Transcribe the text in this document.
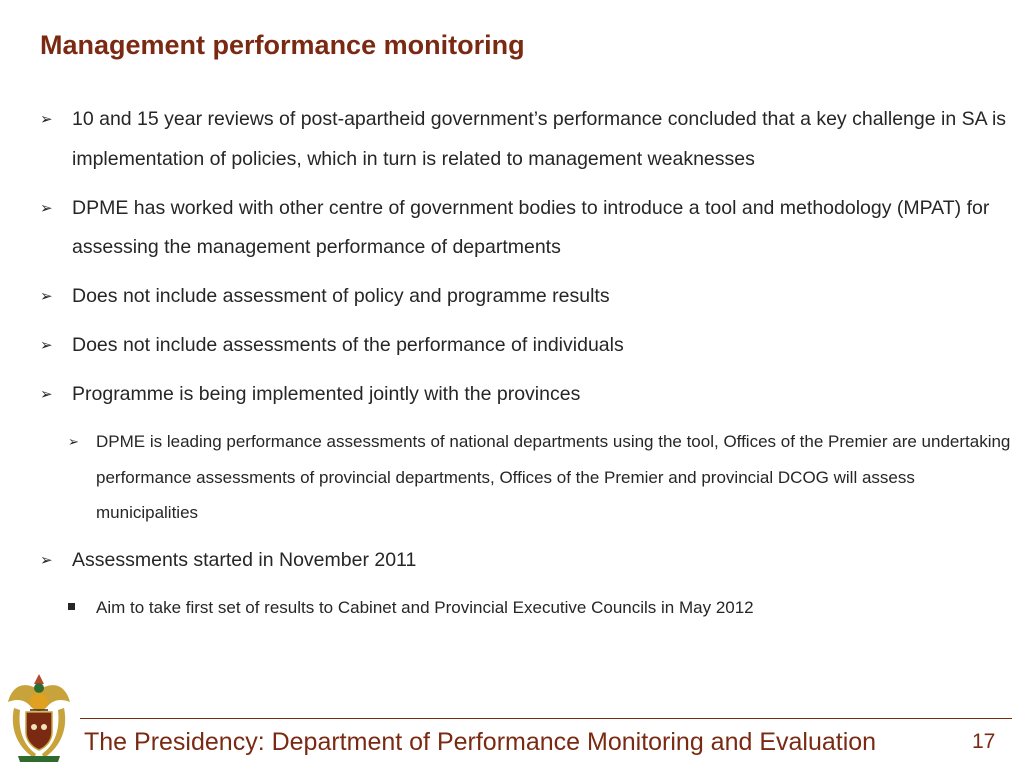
Management performance monitoring
➢ 10 and 15 year reviews of post-apartheid government’s performance concluded that a key challenge in SA is implementation of policies, which in turn is related to management weaknesses
➢ DPME has worked with other centre of government bodies to introduce a tool and methodology (MPAT) for assessing the management performance of departments
➢ Does not include assessment of policy and programme results
➢ Does not include assessments of the performance of individuals
➢ Programme is being implemented jointly with the provinces
➢ DPME is leading performance assessments of national departments using the tool, Offices of the Premier are undertaking performance assessments of provincial departments, Offices of the Premier and provincial DCOG will assess municipalities
➢ Assessments started in November 2011
Aim to take first set of results to Cabinet and Provincial Executive Councils in May 2012
The Presidency: Department of Performance Monitoring and Evaluation	17
